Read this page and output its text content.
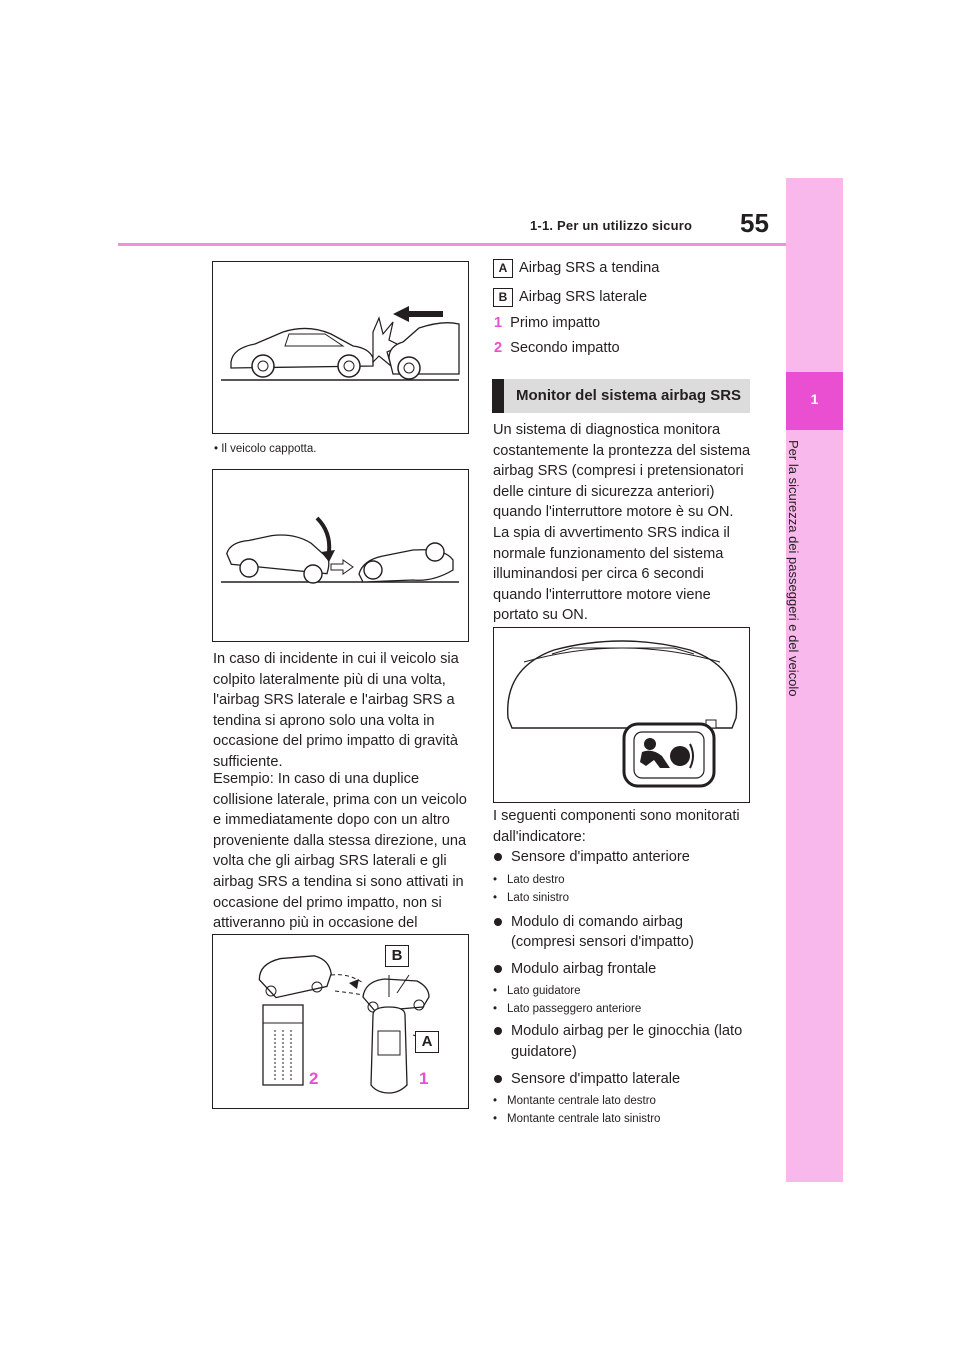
1-1. Per un utilizzo sicuro 55
1
Per la sicurezza dei passeggeri e del veicolo
• Il veicolo cappotta.
In caso di incidente in cui il veicolo sia colpito lateralmente più di una volta, l'airbag SRS laterale e l'airbag SRS a tendina si aprono solo una volta in occasione del primo impatto di gravità sufficiente.
Esempio: In caso di una duplice collisione laterale, prima con un veicolo e immediatamente dopo con un altro proveniente dalla stessa direzione, una volta che gli airbag SRS laterali e gli airbag SRS a tendina si sono attivati in occasione del primo impatto, non si attiveranno più in occasione del
B
A
2	1
A Airbag SRS a tendina
B Airbag SRS laterale
1 Primo impatto
2 Secondo impatto
Monitor del sistema airbag SRS
Un sistema di diagnostica monitora costantemente la prontezza del sistema airbag SRS (compresi i pretensionatori delle cinture di sicurezza anteriori) quando l'interruttore motore è su ON. La spia di avvertimento SRS indica il normale funzionamento del sistema illuminandosi per circa 6 secondi quando l'interruttore motore viene portato su ON.
I seguenti componenti sono monitorati dall'indicatore:
Sensore d'impatto anteriore
• Lato destro
• Lato sinistro
Modulo di comando airbag (compresi sensori d'impatto)
Modulo airbag frontale
• Lato guidatore
• Lato passeggero anteriore
Modulo airbag per le ginocchia (lato guidatore)
Sensore d'impatto laterale
• Montante centrale lato destro
• Montante centrale lato sinistro
